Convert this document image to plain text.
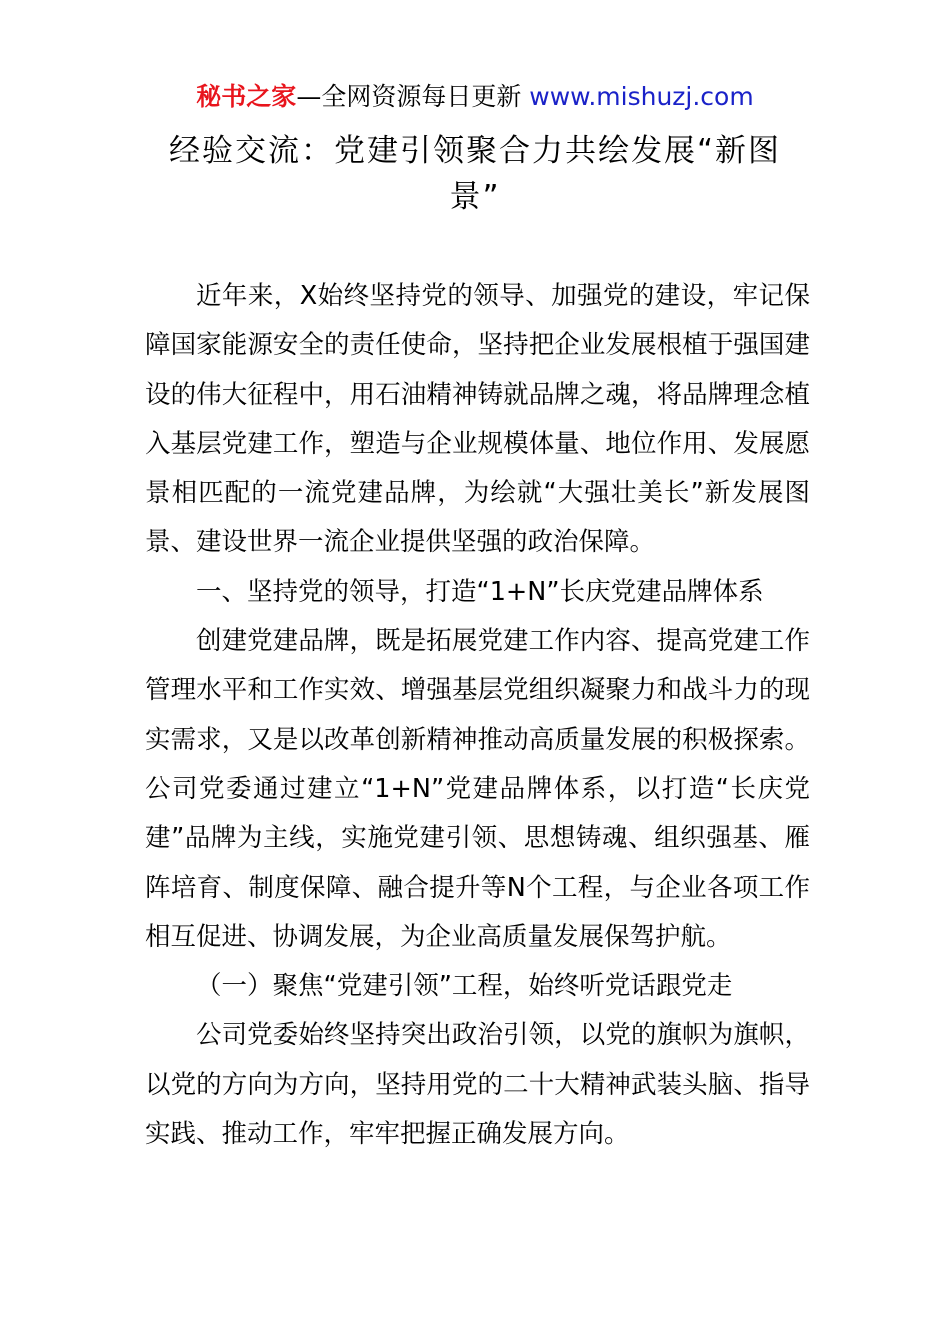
秘书之家—全网资源每日更新 www.mishuzj.com
经验交流：党建引领聚合力共绘发展“新图景”

近年来，X始终坚持党的领导、加强党的建设，牢记保障国家能源安全的责任使命，坚持把企业发展根植于强国建设的伟大征程中，用石油精神铸就品牌之魂，将品牌理念植入基层党建工作，塑造与企业规模体量、地位作用、发展愿景相匹配的一流党建品牌，为绘就“大强壮美长”新发展图景、建设世界一流企业提供坚强的政治保障。

一、坚持党的领导，打造“1+N”长庆党建品牌体系

创建党建品牌，既是拓展党建工作内容、提高党建工作管理水平和工作实效、增强基层党组织凝聚力和战斗力的现实需求，又是以改革创新精神推动高质量发展的积极探索。公司党委通过建立“1+N”党建品牌体系，以打造“长庆党建”品牌为主线，实施党建引领、思想铸魂、组织强基、雁阵培育、制度保障、融合提升等N个工程，与企业各项工作相互促进、协调发展，为企业高质量发展保驾护航。

（一）聚焦“党建引领”工程，始终听党话跟党走

公司党委始终坚持突出政治引领，以党的旗帜为旗帜，以党的方向为方向，坚持用党的二十大精神武装头脑、指导实践、推动工作，牢牢把握正确发展方向。
